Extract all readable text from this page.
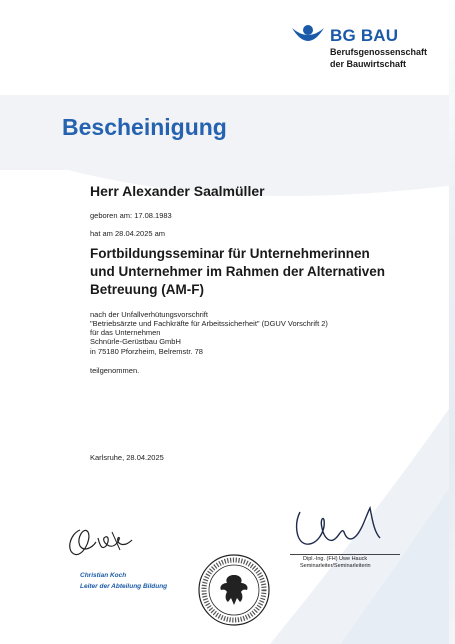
BG BAU
Berufsgenossenschaft
der Bauwirtschaft
Bescheinigung
Herr Alexander Saalmüller
geboren am: 17.08.1983
hat am 28.04.2025 am
Fortbildungsseminar für Unternehmerinnen
und Unternehmer im Rahmen der Alternativen
Betreuung (AM-F)
nach der Unfallverhütungsvorschrift
"Betriebsärzte und Fachkräfte für Arbeitssicherheit" (DGUV Vorschrift 2)
für das Unternehmen
Schnürle-Gerüstbau GmbH
in 75180 Pforzheim, Belremstr. 78
teilgenommen.
Karlsruhe, 28.04.2025
Christian Koch
Leiter der Abteilung Bildung
Dipl.-Ing. (FH) Uwe Hauck
Seminarleiter/Seminarleiterin
